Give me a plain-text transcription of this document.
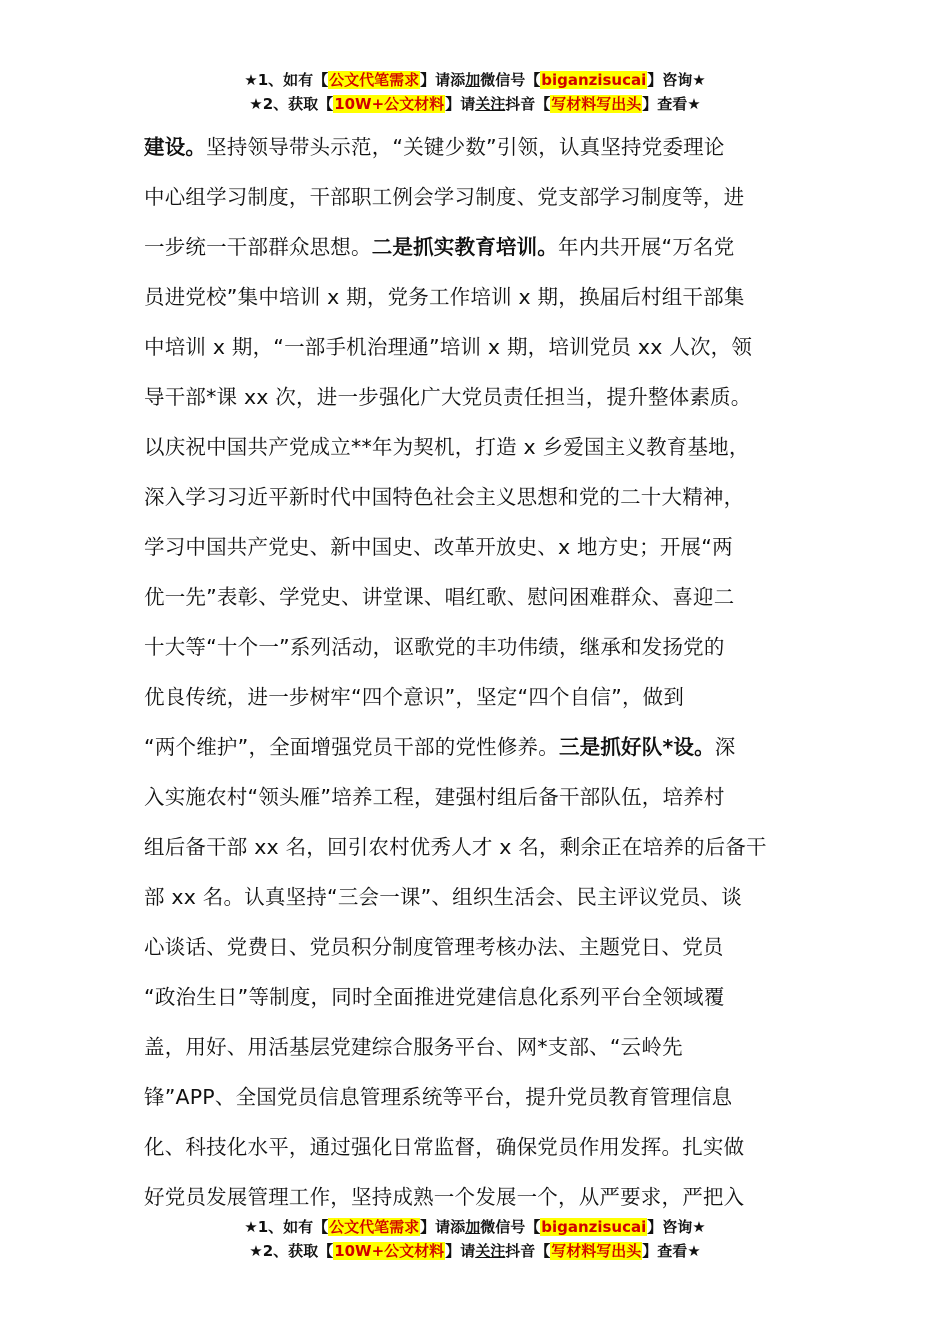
★1、如有【公文代笔需求】请添加微信号【biganzisucai】咨询★
★2、获取【10W+公文材料】请关注抖音【写材料写出头】查看★
建设。坚持领导带头示范，“关键少数”引领，认真坚持党委理论
中心组学习制度，干部职工例会学习制度、党支部学习制度等，进
一步统一干部群众思想。二是抓实教育培训。年内共开展“万名党
员进党校”集中培训 x 期，党务工作培训 x 期，换届后村组干部集
中培训 x 期，“一部手机治理通”培训 x 期，培训党员 xx 人次，领
导干部*课 xx 次，进一步强化广大党员责任担当，提升整体素质。
以庆祝中国共产党成立**年为契机，打造 x 乡爱国主义教育基地，
深入学习习近平新时代中国特色社会主义思想和党的二十大精神，
学习中国共产党史、新中国史、改革开放史、x 地方史；开展“两
优一先”表彰、学党史、讲堂课、唱红歌、慰问困难群众、喜迎二
十大等“十个一”系列活动，讴歌党的丰功伟绩，继承和发扬党的
优良传统，进一步树牢“四个意识”，坚定“四个自信”，做到
“两个维护”，全面增强党员干部的党性修养。三是抓好队*设。深
入实施农村“领头雁”培养工程，建强村组后备干部队伍，培养村
组后备干部 xx 名，回引农村优秀人才 x 名，剩余正在培养的后备干
部 xx 名。认真坚持“三会一课”、组织生活会、民主评议党员、谈
心谈话、党费日、党员积分制度管理考核办法、主题党日、党员
“政治生日”等制度，同时全面推进党建信息化系列平台全领域覆
盖，用好、用活基层党建综合服务平台、网*支部、“云岭先
锋”APP、全国党员信息管理系统等平台，提升党员教育管理信息
化、科技化水平，通过强化日常监督，确保党员作用发挥。扎实做
好党员发展管理工作，坚持成熟一个发展一个，从严要求，严把入
★1、如有【公文代笔需求】请添加微信号【biganzisucai】咨询★
★2、获取【10W+公文材料】请关注抖音【写材料写出头】查看★
